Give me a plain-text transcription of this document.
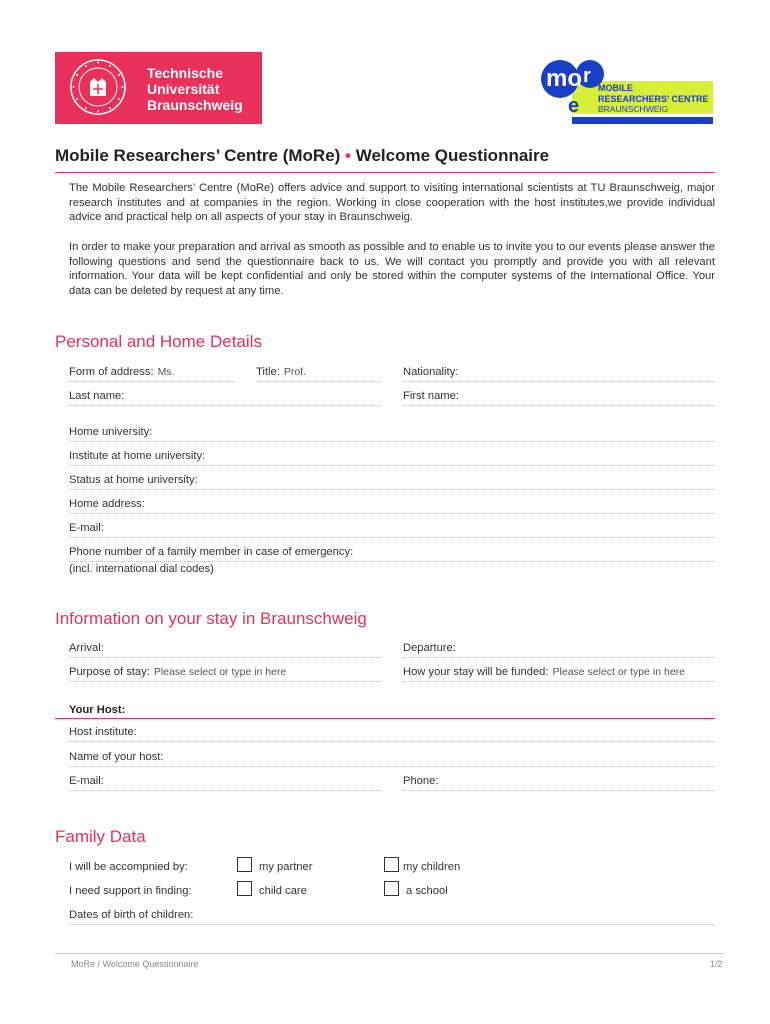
Technische
Universität
Braunschweig
mo r
e
MOBILE
RESEARCHERS’ CENTRE
BRAUNSCHWEIG
Mobile Researchers’ Centre (MoRe) • Welcome Questionnaire

The Mobile Researchers’ Centre (MoRe) offers advice and support to visiting international scientists at TU Braunschweig, major research institutes and at companies in the region. Working in close cooperation with the host institutes,we provide individual advice and practical help on all aspects of your stay in Braunschweig.

In order to make your preparation and arrival as smooth as possible and to enable us to invite you to our events please answer the following questions and send the questionnaire back to us. We will contact you promptly and provide you with all relevant information. Your data will be kept confidential and only be stored within the computer systems of the International Office. Your data can be deleted by request at any time.

Personal and Home Details
Form of address: Ms.	Title: Prof.	Nationality:
Last name:	First name:
Home university:
Institute at home university:
Status at home university:
Home address:
E-mail:
Phone number of a family member in case of emergency:
(incl. international dial codes)
Information on your stay in Braunschweig
Arrival:	Departure:
Purpose of stay: Please select or type in here	How your stay will be funded: Please select or type in here
Your Host:
Host institute:
Name of your host:
E-mail:	Phone:
Family Data
I will be accompnied by:	my partner	my children
I need support in finding:	child care	a school
Dates of birth of children:
MoRe / Welcome Questionnaire	1/2
